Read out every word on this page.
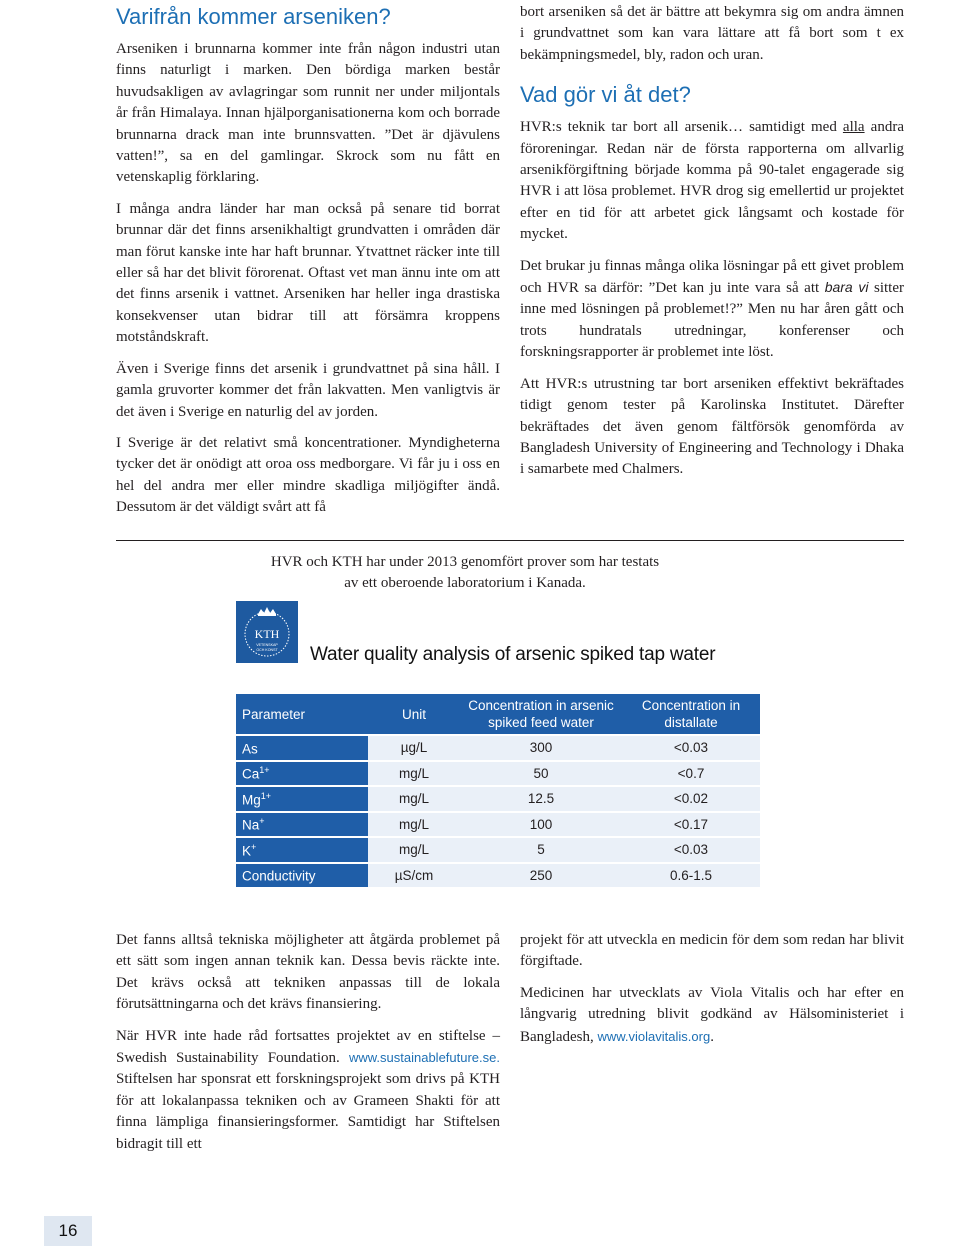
Varifrån kommer arseniken?

Arseniken i brunnarna kommer inte från någon industri utan finns naturligt i marken. Den bördiga marken består huvudsakligen av avlagringar som runnit ner under miljontals år från Himalaya. Innan hjälporganisationerna kom och borrade brunnarna drack man inte brunnsvatten. ”Det är djävulens vatten!”, sa en del gamlingar. Skrock som nu fått en vetenskaplig förklaring.

I många andra länder har man också på senare tid borrat brunnar där det finns arsenikhaltigt grundvatten i områden där man förut kanske inte har haft brunnar. Ytvattnet räcker inte till eller så har det blivit förorenat. Oftast vet man ännu inte om att det finns arsenik i vattnet. Arseniken har heller inga drastiska konsekvenser utan bidrar till att försämra kroppens motståndskraft.

Även i Sverige finns det arsenik i grundvattnet på sina håll. I gamla gruvorter kommer det från lakvatten. Men vanligtvis är det även i Sverige en naturlig del av jorden.

I Sverige är det relativt små koncentrationer. Myndigheterna tycker det är onödigt att oroa oss medborgare. Vi får ju i oss en hel del andra mer eller mindre skadliga miljögifter ändå. Dessutom är det väldigt svårt att få

bort arseniken så det är bättre att bekymra sig om andra ämnen i grundvattnet som kan vara lättare att få bort som t ex bekämpningsmedel, bly, radon och uran.

Vad gör vi åt det?

HVR:s teknik tar bort all arsenik… samtidigt med alla andra föroreningar. Redan när de första rapporterna om allvarlig arsenikförgiftning började komma på 90-talet engagerade sig HVR i att lösa problemet. HVR drog sig emellertid ur projektet efter en tid för att arbetet gick långsamt och kostade för mycket.

Det brukar ju finnas många olika lösningar på ett givet problem och HVR sa därför: ”Det kan ju inte vara så att bara vi sitter inne med lösningen på problemet!?” Men nu har åren gått och trots hundratals utredningar, konferenser och forskningsrapporter är problemet inte löst.

Att HVR:s utrustning tar bort arseniken effektivt bekräftades tidigt genom tester på Karolinska Institutet. Därefter bekräftades det även genom fältförsök genomförda av Bangladesh University of Engineering and Technology i Dhaka i samarbete med Chalmers.

HVR och KTH har under 2013 genomfört prover som har testats
av ett oberoende laboratorium i Kanada.
KTH
VETENSKAP
OCH KONST Water quality analysis of arsenic spiked tap water
Parameter	Unit	Concentration in arsenic spiked feed water	Concentration in distallate
As	µg/L	300	<0.03
$Ca^{1+}$	mg/L	50	<0.7
$Mg^{1+}$	mg/L	12.5	<0.02
Na+	mg/L	100	<0.17
K+	mg/L	5	<0.03
Conductivity	µS/cm	250	0.6-1.5

Det fanns alltså tekniska möjligheter att åtgärda problemet på ett sätt som ingen annan teknik kan. Dessa bevis räckte inte. Det krävs också att tekniken anpassas till de lokala förutsättningarna och det krävs finansiering.

När HVR inte hade råd fortsattes projektet av en stiftelse – Swedish Sustainability Foundation. www.sustainablefuture.se. Stiftelsen har sponsrat ett forskningsprojekt som drivs på KTH för att lokalanpassa tekniken och av Grameen Shakti för att finna lämpliga finansieringsformer. Samtidigt har Stiftelsen bidragit till ett

projekt för att utveckla en medicin för dem som redan har blivit förgiftade.

Medicinen har utvecklats av Viola Vitalis och har efter en långvarig utredning blivit godkänd av Hälsoministeriet i Bangladesh, www.violavitalis.org.

16
